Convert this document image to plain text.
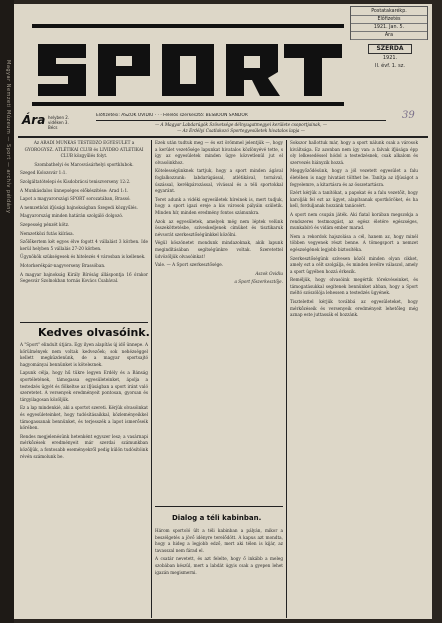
Magyar Nemzeti Múzeum — Sport — archív példány
Postatakarékp.
Előfizetés
1921. Jan. 5.
Ára
SZERDA
1921.
II. évf. 1. sz.
39
Ára helyben 2.
vidéken 3.
Bécs
Előfizetési: ASZOK OVIDIU · · · Felelős szerkesztő: BESBOON SÁNDOR
— A Magyar Labdarúgók Szövetsége délnyugatmegyei kerülete csoportjainak, —
— Az Erdélyi Csatlakozó Sportegyesületek hivatalos lapja —

Az ARADI MUNKÁS TESTEDZŐ EGYESÜLET a GYOROGYSZ. ATLÉTIKAI CLUB és LIVIDBO ATLETIKAI CLUB közgyűlés folyt.

Szombathelyi és Marosvásárhelyi sportklubok.

Szeged Kolozsvár 1:1.

Szolgáltatótelepi és Kisdobrácsi teniszverseny 12:2.

A Munkásdalos ünnepséges előkészítése: Arad 1:1.

Lapot a magyarországi SPORT sorozatában, Brassó.

A nemzetközi ifjúsági bajnokságban Szegedi közgyűlés.

Magyarország minden határán szolgáló dolgozó.

Szepesség pénzét kötz.

Nemzetközi futás kiírása.

Szőlőkertem két egyes élve fogott 4 vállalást 3 körben. Ide kerül helyben 5 vállalás 27-20 körben.

Ügynökök szükségesek és hitelezés 4 városban is kellenek.

Motorkerékpár-nagyverseny Brassóban.

A magyar bajnokság Király Bíróság álláspontja 16 órakor Segesvár Szolnokban tornás Kovács Csabával.

Kedves olvasóink.

A "Sport" elindult útjára. Egy ilyen alapítás új idő ünnepe. A körülmények nem voltak kedvezőek; sok nehézséggel kellett megküzdenünk, de a magyar sportsajtó hagyományai bennünket is köteleznek.

Lapunk célja, hogy hű tükre legyen Erdély és a Bánság sportéletének, támogassa egyesületeinket, ápolja a testedzés ügyét és fölkeltse az ifjúságban a sport iránt való szeretetet. A versenyek eredményeit pontosan, gyorsan és tárgyilagosan közöljük.

Ez a lap mindenkié, aki a sportot szereti. Kérjük olvasóinkat és egyesületeinket, hogy tudósításaikkal, közleményeikkel támogassanak bennünket, és terjesszék a lapot ismerőseik körében.

Rendes megjelenésünk hetenként egyszer lesz; a vasárnapi mérkőzések eredményeit már szerdai számunkban közöljük, a fontosabb eseményekről pedig külön tudósítóink révén számolunk be.

Ezek után tudtuk meg — és ezt örömmel jelentjük —, hogy a kerület vezetősége lapunkat hivatalos közlönyévé tette, s így az egyesületek minden ügye közvetlenül jut el olvasóinkhoz.

Kötelességünknek tartjuk, hogy a sport minden ágával foglalkozzunk: labdarúgással, atlétikával, tornával, úszással, kerékpározással, vívással és a téli sportokkal egyaránt.

Teret adunk a vidéki egyesületek híreinek is, mert tudjuk, hogy a sport igazi ereje a kis városok pályáin születik. Minden hír, minden eredmény fontos számunkra.

Azok az egyesületek, amelyek még nem léptek velünk összeköttetésbe, szíveskedjenek címüket és tisztikaruk névsorát szerkesztőségünkkel közölni.

Végül köszönetet mondunk mindazoknak, akik lapunk megindításában segítségünkre voltak. Szeretettel üdvözöljük olvasóinkat!

Vale. — A Sport szerkesztősége.

Aszok Ovidiu

a Sport főszerkesztője.

Dialog a téli kabinban.

Három sportoló ült a téli kabinban a pályán, mikor a beszélgetés a jövő idényre terelődött. A kapus azt mondta, hogy a hideg a legjobb edző, mert aki télen is kijár, az tavasszal nem fárad el.

A csatár nevetett, és azt felelte, hogy ő inkább a meleg szobában készül, mert a labdát úgyis csak a gyepen lehet igazán megismerni.

Sokszor hallottuk már, hogy a sport nálunk csak a városok kiváltsága. Ez azonban nem így van: a falvak ifjúsága épp oly lelkesedéssel hódol a testedzésnek, csak alkalom és szervezés hiányzik hozzá.

Meggyőződésünk, hogy a jól vezetett egyesület a falu életében is nagy hivatást tölthet be. Tanítja az ifjúságot a fegyelemre, a kitartásra és az összetartásra.

Ezért kérjük a tanítókat, a papokat és a falu vezetőit, hogy karolják fel ezt az ügyet, alapítsanak sportköröket, és ha kell, forduljanak hozzánk tanácsért.

A sport nem csupán játék. Aki fiatal korában megszokja a rendszeres testmozgást, az egész életére egészséges, munkabíró és vidám ember marad.

Nem a rekordok hajszolása a cél, hanem az, hogy minél többen vegyenek részt benne. A tömegsport a nemzet egészségének legjobb biztosítéka.

Szerkesztőségünk szívesen közöl minden olyan cikket, amely ezt a célt szolgálja, és minden levélre válaszol, amely a sport ügyében hozzá érkezik.

Reméljük, hogy olvasóink megértik törekvéseinket, és támogatásukkal segítenek bennünket abban, hogy a Sport méltó szószólója lehessen a testedzés ügyének.

Tisztelettel kérjük továbbá az egyesületeket, hogy mérkőzéseik és versenyeik eredményeit lehetőleg még aznap este juttassák el hozzánk.
